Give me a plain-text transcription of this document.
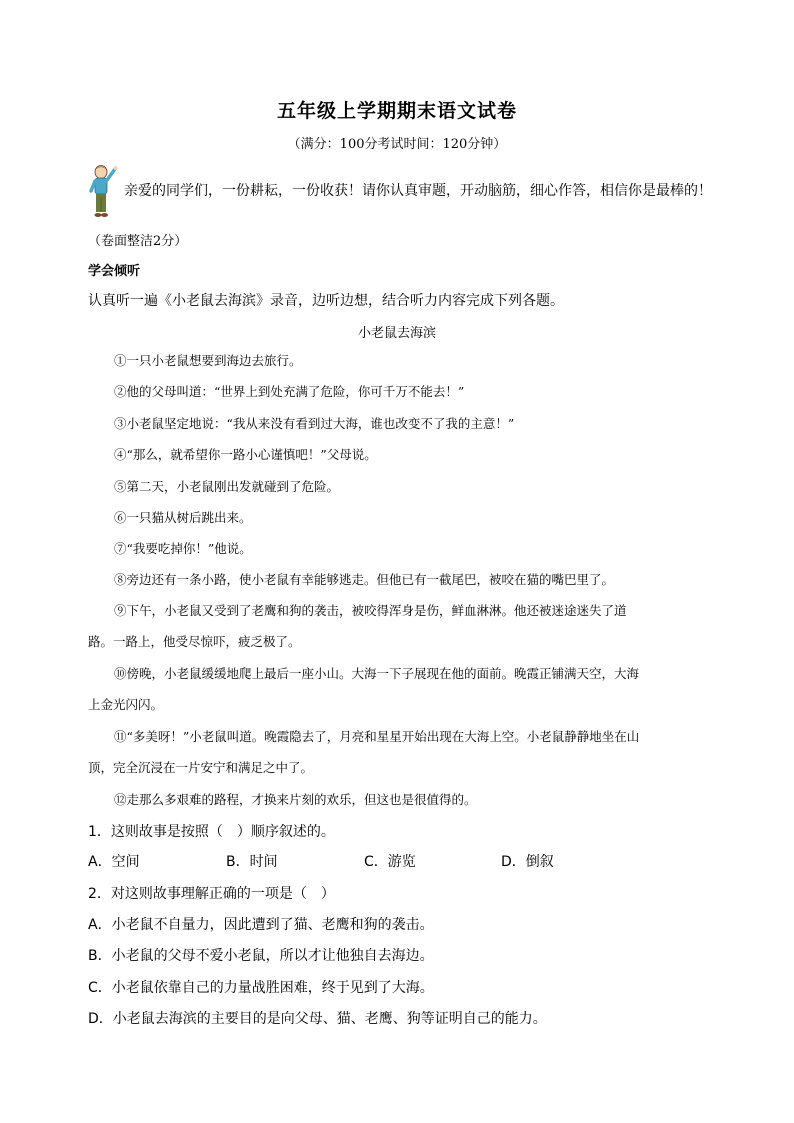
五年级上学期期末语文试卷
（满分：100分考试时间：120分钟）
亲爱的同学们，一份耕耘，一份收获！请你认真审题，开动脑筋，细心作答，相信你是最棒的！
（卷面整洁2分）
学会倾听
认真听一遍《小老鼠去海滨》录音，边听边想，结合听力内容完成下列各题。
小老鼠去海滨
①一只小老鼠想要到海边去旅行。
②他的父母叫道：“世界上到处充满了危险，你可千万不能去！”
③小老鼠坚定地说：“我从来没有看到过大海，谁也改变不了我的主意！”
④“那么，就希望你一路小心谨慎吧！”父母说。
⑤第二天，小老鼠刚出发就碰到了危险。
⑥一只猫从树后跳出来。
⑦“我要吃掉你！”他说。
⑧旁边还有一条小路，使小老鼠有幸能够逃走。但他已有一截尾巴，被咬在猫的嘴巴里了。
⑨下午，小老鼠又受到了老鹰和狗的袭击，被咬得浑身是伤，鲜血淋淋。他还被迷途迷失了道
路。一路上，他受尽惊吓，疲乏极了。
⑩傍晚，小老鼠缓缓地爬上最后一座小山。大海一下子展现在他的面前。晚霞正铺满天空，大海
上金光闪闪。
⑪“多美呀！”小老鼠叫道。晚霞隐去了，月亮和星星开始出现在大海上空。小老鼠静静地坐在山
顶，完全沉浸在一片安宁和满足之中了。
⑫走那么多艰难的路程，才换来片刻的欢乐，但这也是很值得的。
1．这则故事是按照（　）顺序叙述的。
A．空间	B．时间	C．游览	D．倒叙
2．对这则故事理解正确的一项是（　）
A．小老鼠不自量力，因此遭到了猫、老鹰和狗的袭击。
B．小老鼠的父母不爱小老鼠，所以才让他独自去海边。
C．小老鼠依靠自己的力量战胜困难，终于见到了大海。
D．小老鼠去海滨的主要目的是向父母、猫、老鹰、狗等证明自己的能力。
